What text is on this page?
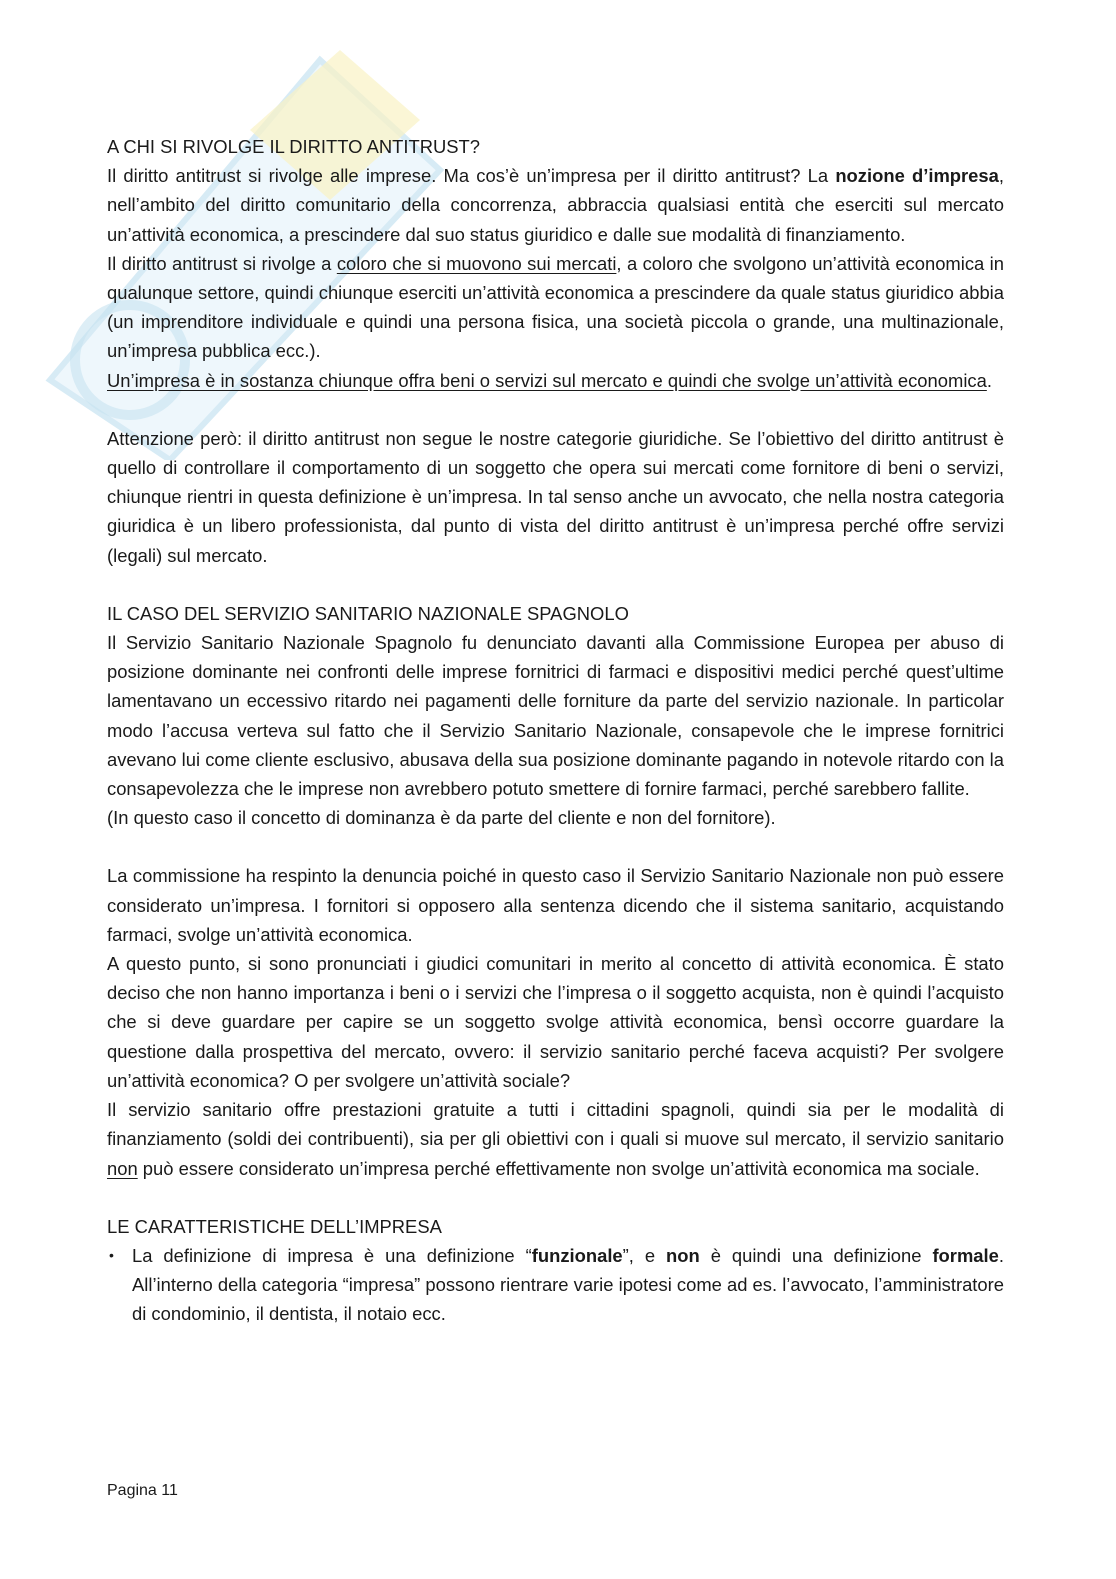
A CHI SI RIVOLGE IL DIRITTO ANTITRUST?

Il diritto antitrust si rivolge alle imprese. Ma cos’è un’impresa per il diritto antitrust? La nozione d’impresa, nell’ambito del diritto comunitario della concorrenza, abbraccia qualsiasi entità che eserciti sul mercato un’attività economica, a prescindere dal suo status giuridico e dalle sue modalità di finanziamento.

Il diritto antitrust si rivolge a coloro che si muovono sui mercati, a coloro che svolgono un’attività economica in qualunque settore, quindi chiunque eserciti un’attività economica a prescindere da quale status giuridico abbia (un imprenditore individuale e quindi una persona fisica, una società piccola o grande, una multinazionale, un’impresa pubblica ecc.).

Un’impresa è in sostanza chiunque offra beni o servizi sul mercato e quindi che svolge un’attività economica.

Attenzione però: il diritto antitrust non segue le nostre categorie giuridiche. Se l’obiettivo del diritto antitrust è quello di controllare il comportamento di un soggetto che opera sui mercati come fornitore di beni o servizi, chiunque rientri in questa definizione è un’impresa. In tal senso anche un avvocato, che nella nostra categoria giuridica è un libero professionista, dal punto di vista del diritto antitrust è un’impresa perché offre servizi (legali) sul mercato.

IL CASO DEL SERVIZIO SANITARIO NAZIONALE SPAGNOLO

Il Servizio Sanitario Nazionale Spagnolo fu denunciato davanti alla Commissione Europea per abuso di posizione dominante nei confronti delle imprese fornitrici di farmaci e dispositivi medici perché quest’ultime lamentavano un eccessivo ritardo nei pagamenti delle forniture da parte del servizio nazionale. In particolar modo l’accusa verteva sul fatto che il Servizio Sanitario Nazionale, consapevole che le imprese fornitrici avevano lui come cliente esclusivo, abusava della sua posizione dominante pagando in notevole ritardo con la consapevolezza che le imprese non avrebbero potuto smettere di fornire farmaci, perché sarebbero fallite.

(In questo caso il concetto di dominanza è da parte del cliente e non del fornitore).

La commissione ha respinto la denuncia poiché in questo caso il Servizio Sanitario Nazionale non può essere considerato un’impresa. I fornitori si opposero alla sentenza dicendo che il sistema sanitario, acquistando farmaci, svolge un’attività economica.

A questo punto, si sono pronunciati i giudici comunitari in merito al concetto di attività economica. È stato deciso che non hanno importanza i beni o i servizi che l’impresa o il soggetto acquista, non è quindi l’acquisto che si deve guardare per capire se un soggetto svolge attività economica, bensì occorre guardare la questione dalla prospettiva del mercato, ovvero: il servizio sanitario perché faceva acquisti? Per svolgere un’attività economica? O per svolgere un’attività sociale?

Il servizio sanitario offre prestazioni gratuite a tutti i cittadini spagnoli, quindi sia per le modalità di finanziamento (soldi dei contribuenti), sia per gli obiettivi con i quali si muove sul mercato, il servizio sanitario non può essere considerato un’impresa perché effettivamente non svolge un’attività economica ma sociale.

LE CARATTERISTICHE DELL’IMPRESA

• La definizione di impresa è una definizione “funzionale”, e non è quindi una definizione formale. All’interno della categoria “impresa” possono rientrare varie ipotesi come ad es. l’avvocato, l’amministratore di condominio, il dentista, il notaio ecc.
Pagina 11
